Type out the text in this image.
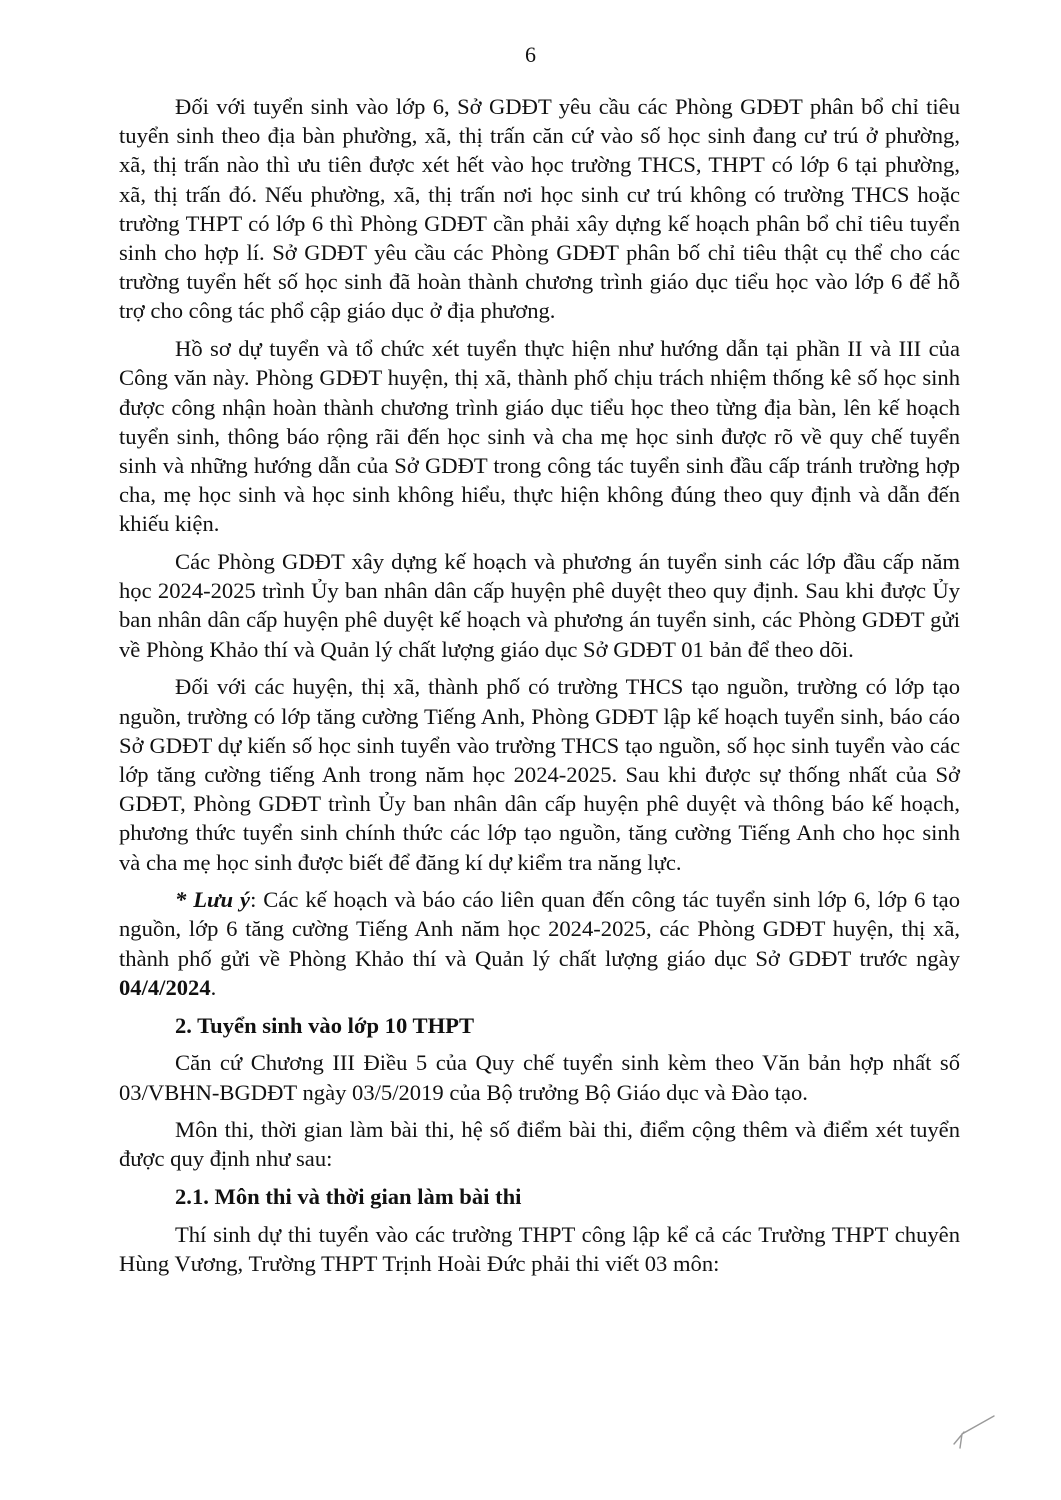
6

Đối với tuyển sinh vào lớp 6, Sở GDĐT yêu cầu các Phòng GDĐT phân bổ chỉ tiêu tuyển sinh theo địa bàn phường, xã, thị trấn căn cứ vào số học sinh đang cư trú ở phường, xã, thị trấn nào thì ưu tiên được xét hết vào học trường THCS, THPT có lớp 6 tại phường, xã, thị trấn đó. Nếu phường, xã, thị trấn nơi học sinh cư trú không có trường THCS hoặc trường THPT có lớp 6 thì Phòng GDĐT cần phải xây dựng kế hoạch phân bổ chỉ tiêu tuyển sinh cho hợp lí. Sở GDĐT yêu cầu các Phòng GDĐT phân bố chỉ tiêu thật cụ thể cho các trường tuyển hết số học sinh đã hoàn thành chương trình giáo dục tiểu học vào lớp 6 để hỗ trợ cho công tác phổ cập giáo dục ở địa phương.

Hồ sơ dự tuyển và tổ chức xét tuyển thực hiện như hướng dẫn tại phần II và III của Công văn này. Phòng GDĐT huyện, thị xã, thành phố chịu trách nhiệm thống kê số học sinh được công nhận hoàn thành chương trình giáo dục tiểu học theo từng địa bàn, lên kế hoạch tuyển sinh, thông báo rộng rãi đến học sinh và cha mẹ học sinh được rõ về quy chế tuyển sinh và những hướng dẫn của Sở GDĐT trong công tác tuyển sinh đầu cấp tránh trường hợp cha, mẹ học sinh và học sinh không hiểu, thực hiện không đúng theo quy định và dẫn đến khiếu kiện.

Các Phòng GDĐT xây dựng kế hoạch và phương án tuyển sinh các lớp đầu cấp năm học 2024-2025 trình Ủy ban nhân dân cấp huyện phê duyệt theo quy định. Sau khi được Ủy ban nhân dân cấp huyện phê duyệt kế hoạch và phương án tuyển sinh, các Phòng GDĐT gửi về Phòng Khảo thí và Quản lý chất lượng giáo dục Sở GDĐT 01 bản để theo dõi.

Đối với các huyện, thị xã, thành phố có trường THCS tạo nguồn, trường có lớp tạo nguồn, trường có lớp tăng cường Tiếng Anh, Phòng GDĐT lập kế hoạch tuyển sinh, báo cáo Sở GDĐT dự kiến số học sinh tuyển vào trường THCS tạo nguồn, số học sinh tuyển vào các lớp tăng cường tiếng Anh trong năm học 2024-2025. Sau khi được sự thống nhất của Sở GDĐT, Phòng GDĐT trình Ủy ban nhân dân cấp huyện phê duyệt và thông báo kế hoạch, phương thức tuyển sinh chính thức các lớp tạo nguồn, tăng cường Tiếng Anh cho học sinh và cha mẹ học sinh được biết để đăng kí dự kiểm tra năng lực.

* Lưu ý: Các kế hoạch và báo cáo liên quan đến công tác tuyển sinh lớp 6, lớp 6 tạo nguồn, lớp 6 tăng cường Tiếng Anh năm học 2024-2025, các Phòng GDĐT huyện, thị xã, thành phố gửi về Phòng Khảo thí và Quản lý chất lượng giáo dục Sở GDĐT trước ngày 04/4/2024.

2. Tuyển sinh vào lớp 10 THPT

Căn cứ Chương III Điều 5 của Quy chế tuyển sinh kèm theo Văn bản hợp nhất số 03/VBHN-BGDĐT ngày 03/5/2019 của Bộ trưởng Bộ Giáo dục và Đào tạo.

Môn thi, thời gian làm bài thi, hệ số điểm bài thi, điểm cộng thêm và điểm xét tuyển được quy định như sau:

2.1. Môn thi và thời gian làm bài thi

Thí sinh dự thi tuyển vào các trường THPT công lập kể cả các Trường THPT chuyên Hùng Vương, Trường THPT Trịnh Hoài Đức phải thi viết 03 môn:
